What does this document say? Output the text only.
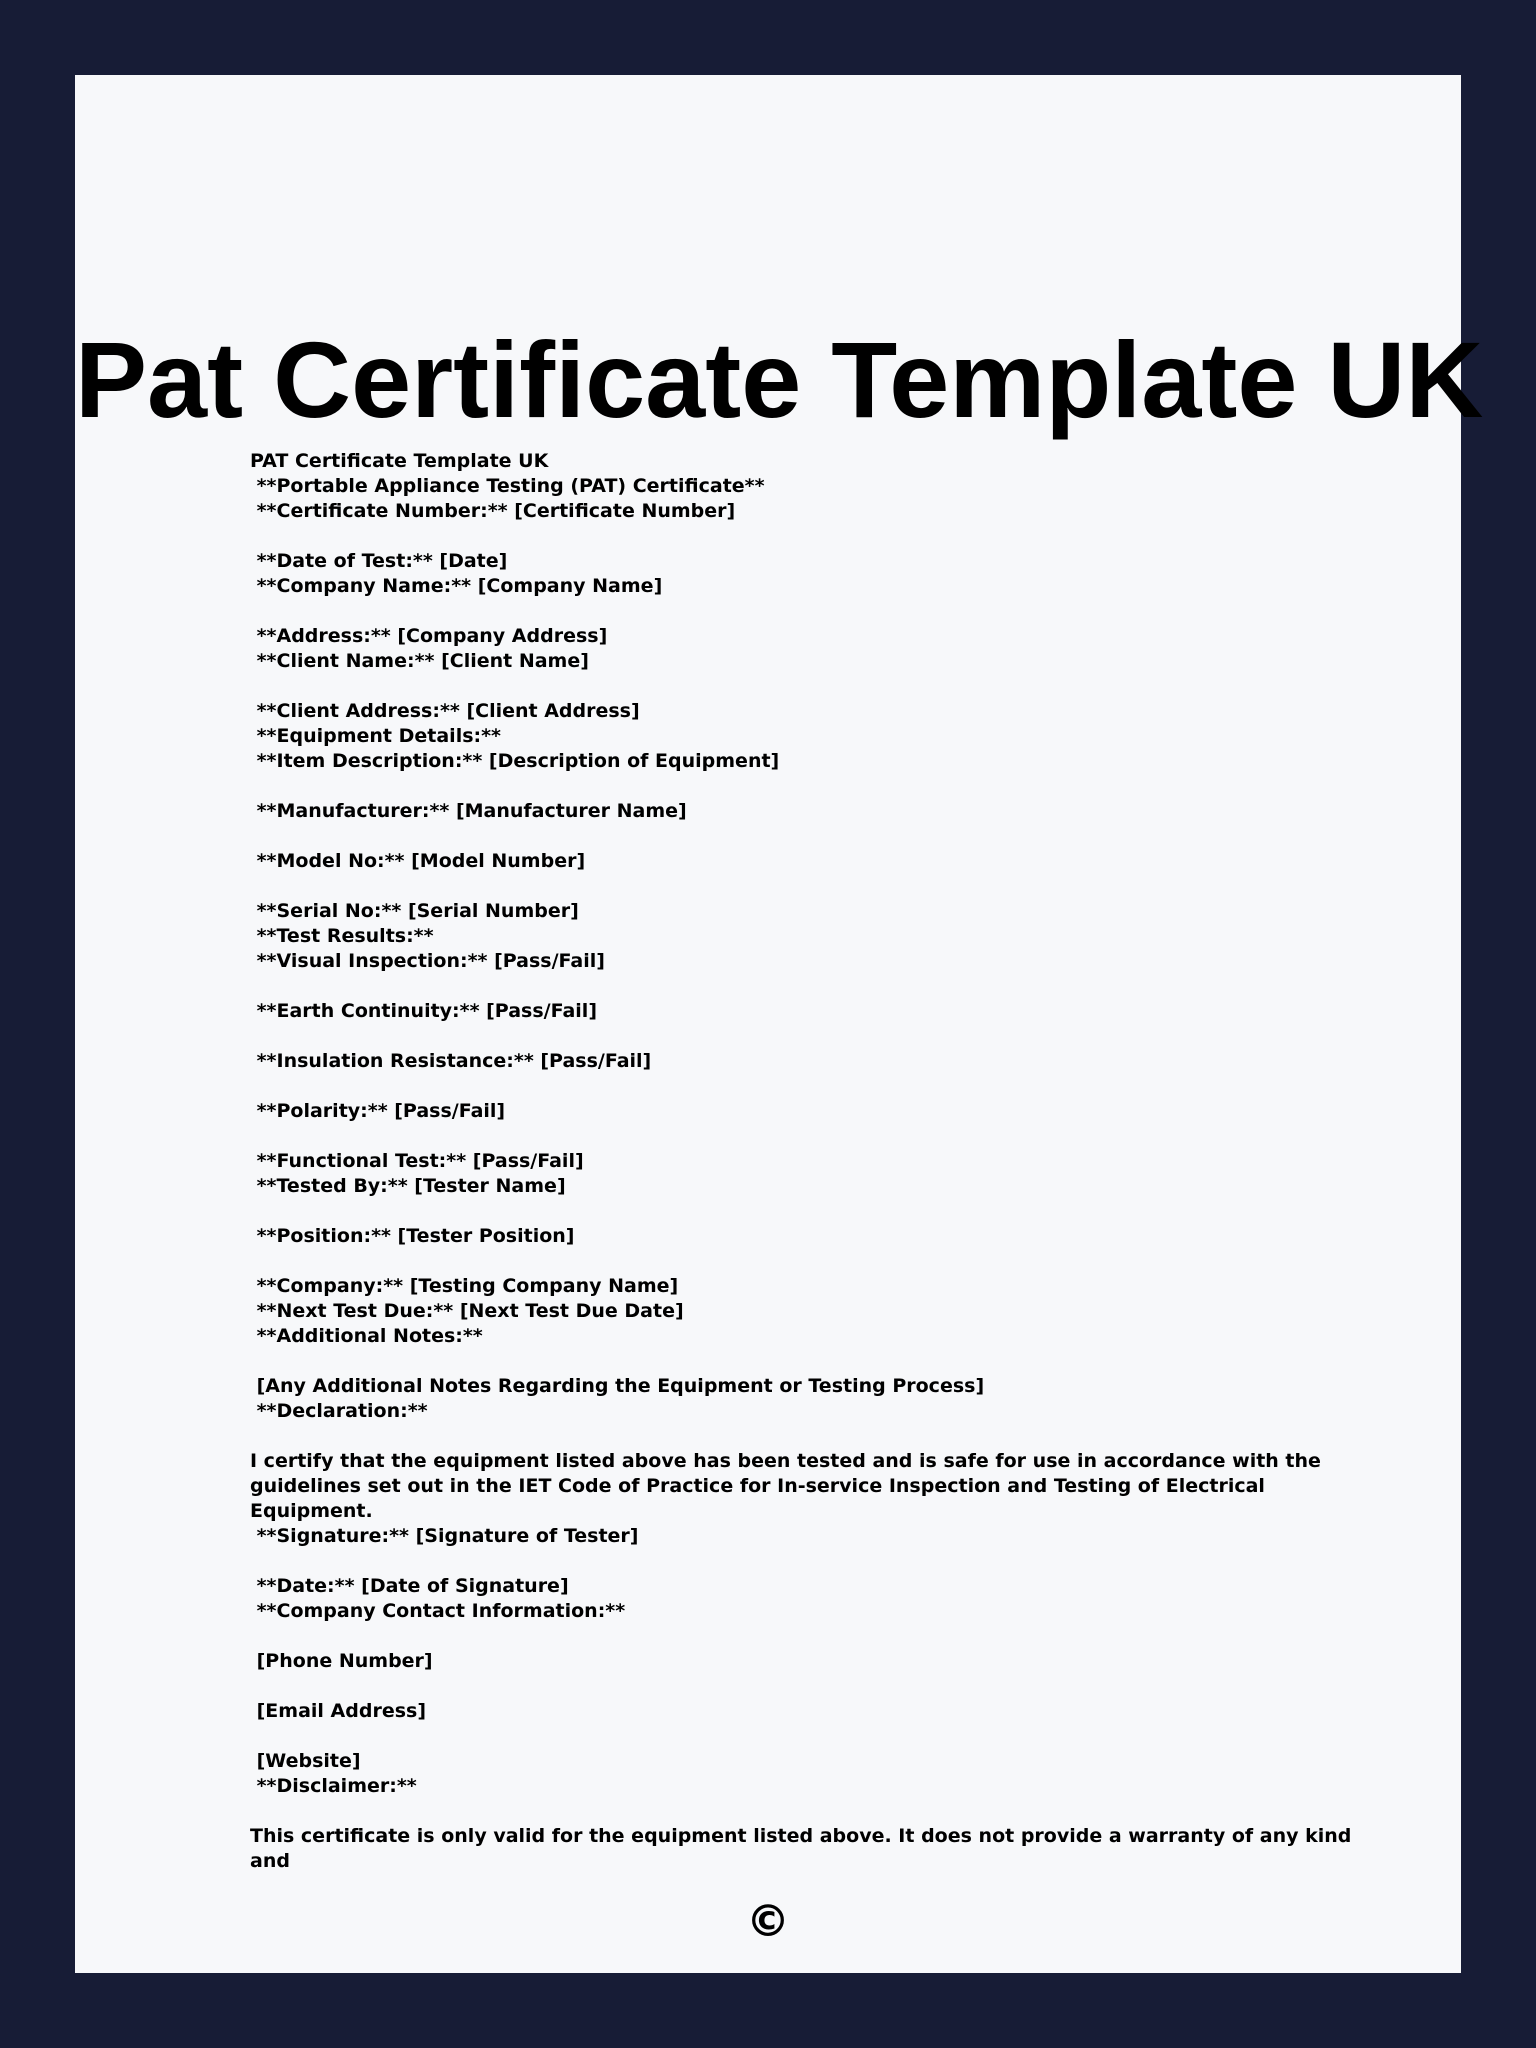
Pat Certificate Template UK
PAT Certificate Template UK
**Portable Appliance Testing (PAT) Certificate**
**Certificate Number:** [Certificate Number]
**Date of Test:** [Date]
**Company Name:** [Company Name]
**Address:** [Company Address]
**Client Name:** [Client Name]
**Client Address:** [Client Address]
**Equipment Details:**
**Item Description:** [Description of Equipment]
**Manufacturer:** [Manufacturer Name]
**Model No:** [Model Number]
**Serial No:** [Serial Number]
**Test Results:**
**Visual Inspection:** [Pass/Fail]
**Earth Continuity:** [Pass/Fail]
**Insulation Resistance:** [Pass/Fail]
**Polarity:** [Pass/Fail]
**Functional Test:** [Pass/Fail]
**Tested By:** [Tester Name]
**Position:** [Tester Position]
**Company:** [Testing Company Name]
**Next Test Due:** [Next Test Due Date]
**Additional Notes:**
[Any Additional Notes Regarding the Equipment or Testing Process]
**Declaration:**
I certify that the equipment listed above has been tested and is safe for use in accordance with the
guidelines set out in the IET Code of Practice for In-service Inspection and Testing of Electrical Equipment.
**Signature:** [Signature of Tester]
**Date:** [Date of Signature]
**Company Contact Information:**
[Phone Number]
[Email Address]
[Website]
**Disclaimer:**
This certificate is only valid for the equipment listed above. It does not provide a warranty of any kind and
©
